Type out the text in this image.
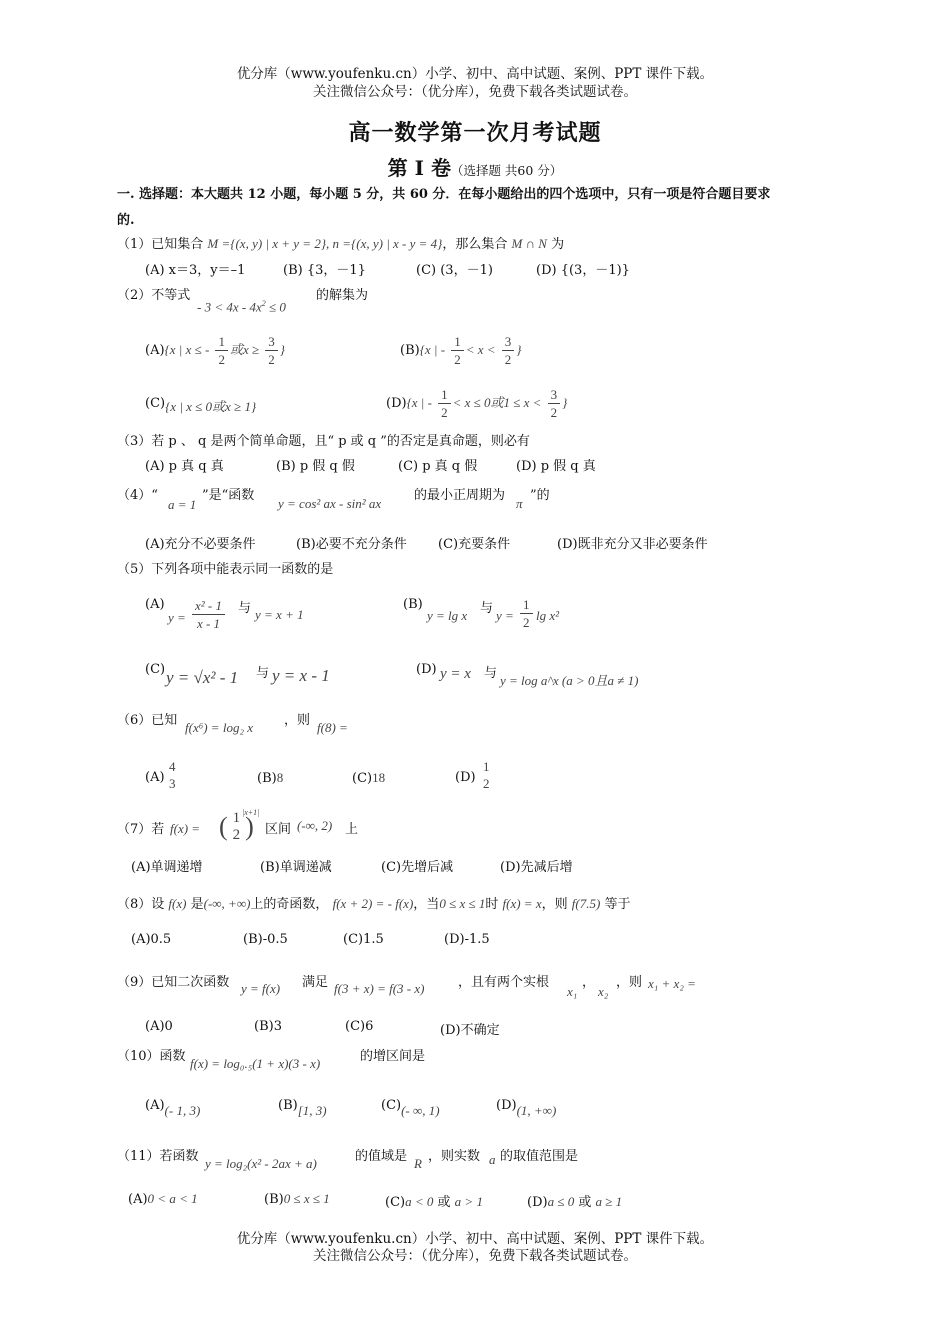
优分库（www.youfenku.cn）小学、初中、高中试题、案例、PPT 课件下载。
关注微信公众号：（优分库），免费下载各类试题试卷。
高一数学第一次月考试题
第 I 卷（选择题 共60 分）
一. 选择题：本大题共 12 小题，每小题 5 分，共 60 分．在每小题给出的四个选项中，只有一项是符合题目要求
的.
（1）已知集合 M ={(x, y) | x + y = 2}, n ={(x, y) | x - y = 4}，那么集合 M ∩ N 为
(A) x＝3，y＝–1	(B) {3，－1}	(C) (3，－1)	(D) {(3，－1)}
（2）不等式
- $3 < 4x - 4x^2 \le 0$
的解集为
(A){x | x ≤ - $\frac{1}{2}$ 或$x \ge \frac{3}{2}$ }	(B){x | - $\frac{1}{2} < x < \frac{3}{2}$ }
(C){x | x ≤ 0或x ≥ 1}	(D){x | - $\frac{1}{2} < x \le 0$或$1 \le x < \frac{3}{2}$ }
（3）若 p 、 q 是两个简单命题，且“ p 或 q ”的否定是真命题，则必有
(A) p 真 q 真	(B) p 假 q 假	(C) p 真 q 假	(D) p 假 q 真
（4）“
a = 1
”是“函数
y = cos² ax - sin² ax
的最小正周期为
π
”的
(A)充分不必要条件	(B)必要不充分条件 (C)充要条件	(D)既非充分又非必要条件
（5）下列各项中能表示同一函数的是
(A)
$y = \frac{\text{x² - 1}}{x - 1}$ 与 y = x + 1
(B)
y = lg x 与 $y = \frac{1}{2}$ lg x²
(C) y = √x² - 1 与 y = x - 1	(D) y = x 与 y = log a^x (a > 0且a ≠ 1)
（6）已知 f(x⁶) = log₂ x ，则 f(8) =
(A)
4
3	(B)8	(C)18	(D)
1
2
（7）若 f(x) = ( 1
2 )
|x+1|
区间 (-∞, 2) 上
(A)单调递增	(B)单调递减	(C)先增后减	(D)先减后增
（8）设 f(x) 是(-∞, +∞)上的奇函数， f(x + 2) = - f(x)，当0 ≤ x ≤ 1时 f(x) = x，则 f(7.5) 等于
(A)0.5	(B)-0.5	(C)1.5	(D)-1.5
（9）已知二次函数 y = f(x) 满足 f(3 + x) = f(3 - x)	，且有两个实根
x₁
，
x₂
，则 x₁ + x₂ =
(A)0	(B)3	(C)6	(D)不确定
（10）函数 f(x) = log₀.₅(1 + x)(3 - x)	的增区间是
(A)(- 1, 3)	(B)[1, 3)	(C)(- ∞, 1)	(D)(1, +∞)
（11）若函数 y = log₂(x² - 2ax + a)	的值域是 R ，则实数 a 的取值范围是
(A)0 < a < 1	(B)0 ≤ x ≤ 1	(C)a < 0 或 a > 1	(D)a ≤ 0 或 a ≥ 1
优分库（www.youfenku.cn）小学、初中、高中试题、案例、PPT 课件下载。
关注微信公众号：（优分库），免费下载各类试题试卷。
